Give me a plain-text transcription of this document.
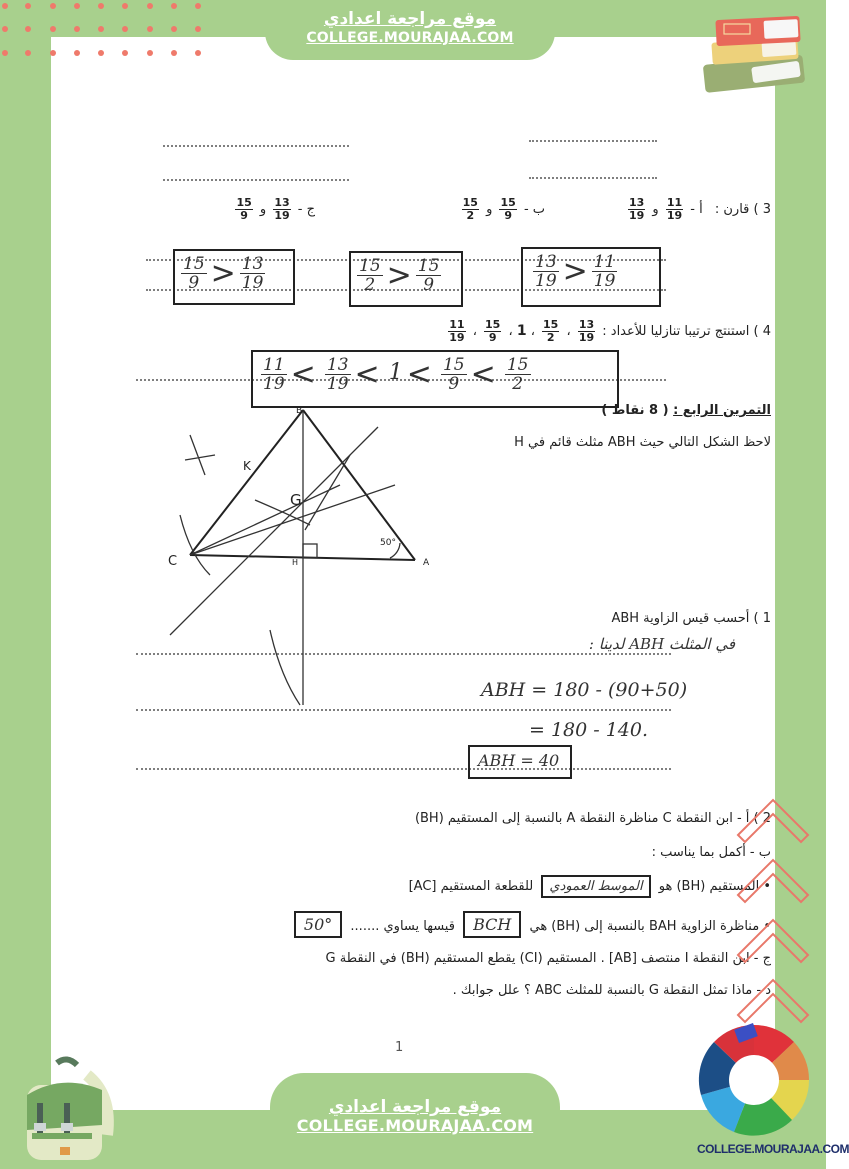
موقع مراجعة اعدادي
COLLEGE.MOURAJAA.COM
موقع مراجعة اعدادي
COLLEGE.MOURAJAA.COM
3 ) قارن : أ -
$\frac{11}{19}$
و
$\frac{13}{19}$
ب -
$\frac{15}{9}$
و
$\frac{15}{2}$
ج -
$\frac{13}{19}$
و
$\frac{15}{9}$
$\frac{15}{9} > \frac{13}{19}$	$\frac{15}{2} > \frac{15}{9}$	$\frac{13}{19} > \frac{11}{19}$
4 ) استنتج ترتيبا تنازليا للأعداد :
$\frac{13}{19}$
،
$\frac{15}{2}$
، 1 ،
$\frac{15}{9}$
،
$\frac{11}{19}$
$\frac{11}{19} < \frac{13}{19} < 1 < \frac{15}{9} < \frac{15}{2}$
التمرين الرابع : ( 8 نقاط )
لاحظ الشكل التالي حيث ABH مثلث قائم في H
1 ) أحسب قيس الزاوية ABH
في المثلث ABH لدينا :
ABH = 180 - (90+50)
= 180 - 140.
ABH = 40
2 ) أ - ابن النقطة C مناظرة النقطة A بالنسبة إلى المستقيم (BH)
ب - أكمل بما يناسب :
• المستقيم (BH) هو الموسط العمودي للقطعة المستقيم [AC]
• مناظرة الزاوية BAH بالنسبة إلى (BH) هي BCH قيسها يساوي ....... 50°
ج - ابن النقطة I منتصف [AB] . المستقيم (CI) يقطع المستقيم (BH) في النقطة G
د - ماذا تمثل النقطة G بالنسبة للمثلث ABC ؟ علل جوابك .
B
A
C	H
G
K
50°
COLLEGE.MOURAJAA.COM
1
